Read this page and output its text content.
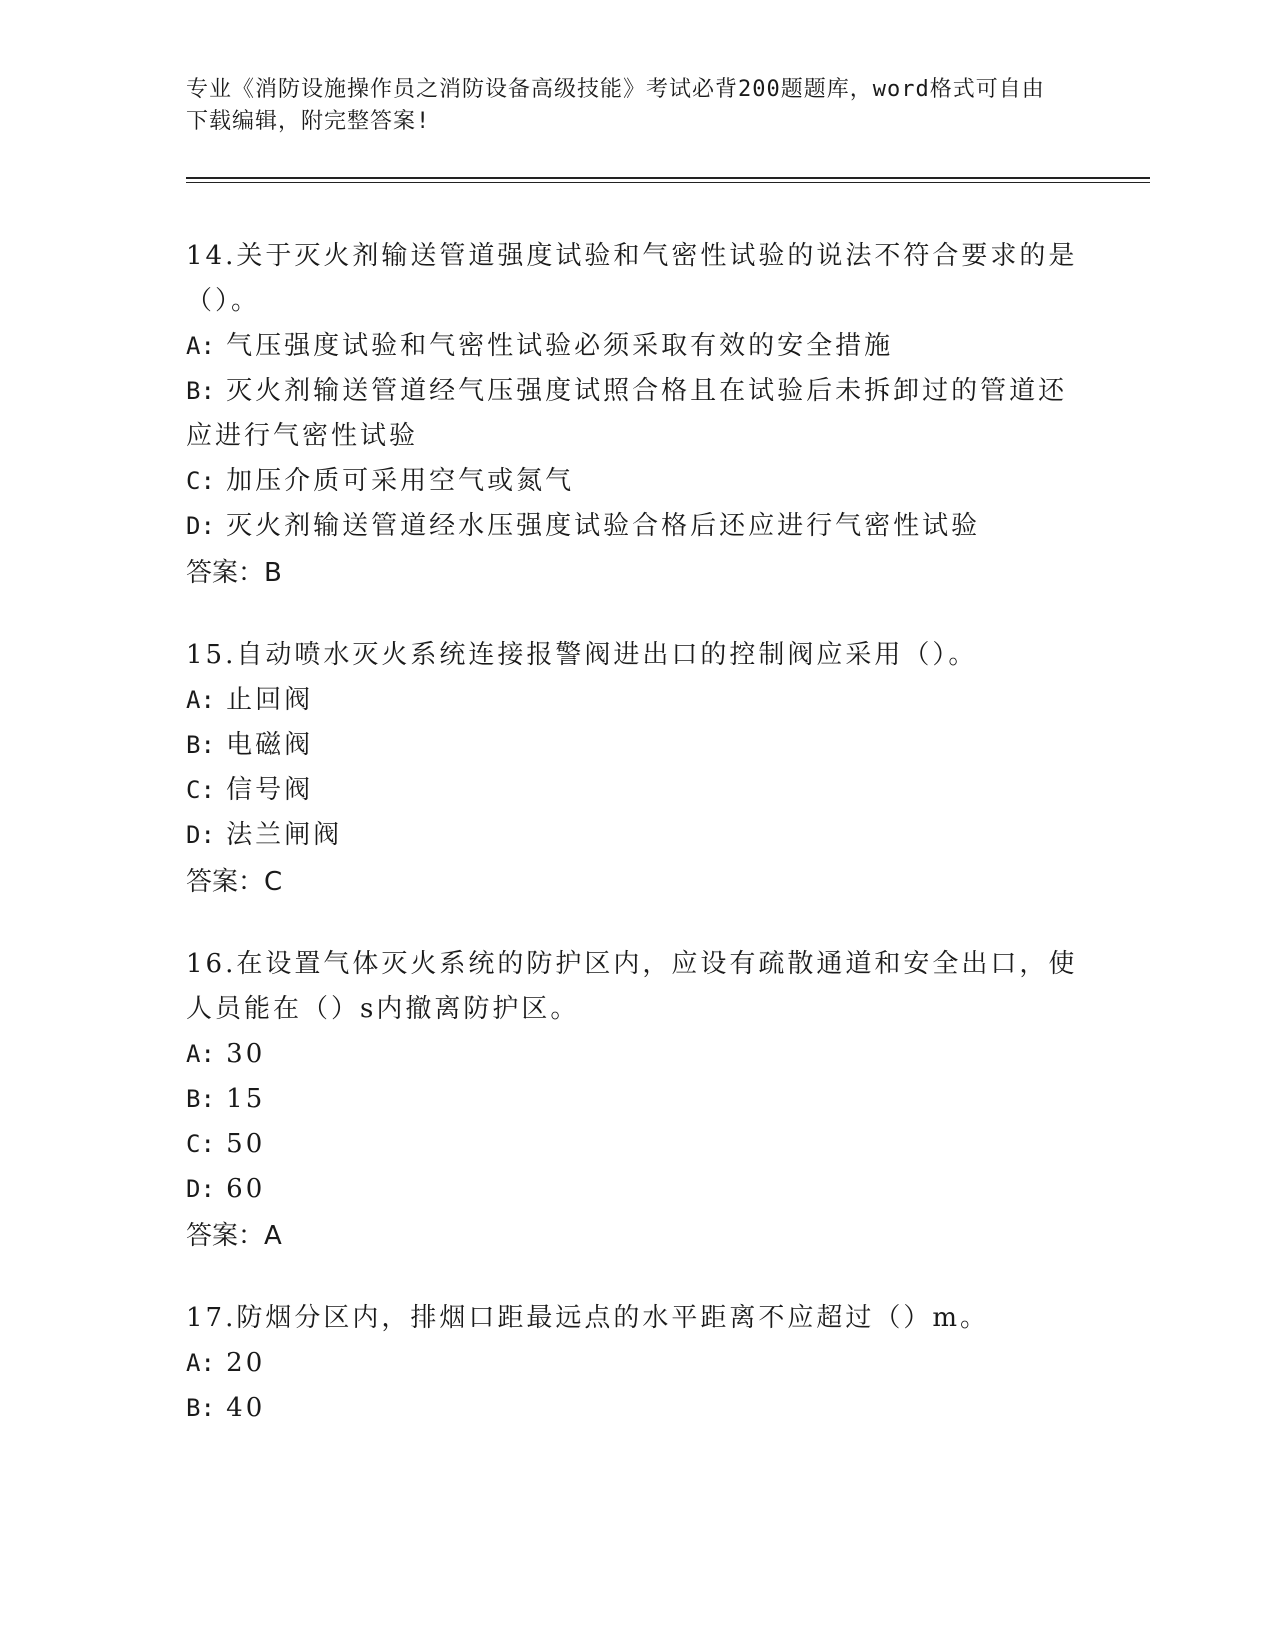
专业《消防设施操作员之消防设备高级技能》考试必背200题题库，word格式可自由下载编辑，附完整答案!

14.关于灭火剂输送管道强度试验和气密性试验的说法不符合要求的是（）。

A: 气压强度试验和气密性试验必须采取有效的安全措施

B: 灭火剂输送管道经气压强度试照合格且在试验后未拆卸过的管道还应进行气密性试验

C: 加压介质可采用空气或氮气

D: 灭火剂输送管道经水压强度试验合格后还应进行气密性试验

答案：B

15.自动喷水灭火系统连接报警阀进出口的控制阀应采用（）。

A: 止回阀

B: 电磁阀

C: 信号阀

D: 法兰闸阀

答案：C

16.在设置气体灭火系统的防护区内，应设有疏散通道和安全出口，使人员能在（）s内撤离防护区。

A: 30

B: 15

C: 50

D: 60

答案：A

17.防烟分区内，排烟口距最远点的水平距离不应超过（）m。

A: 20

B: 40
